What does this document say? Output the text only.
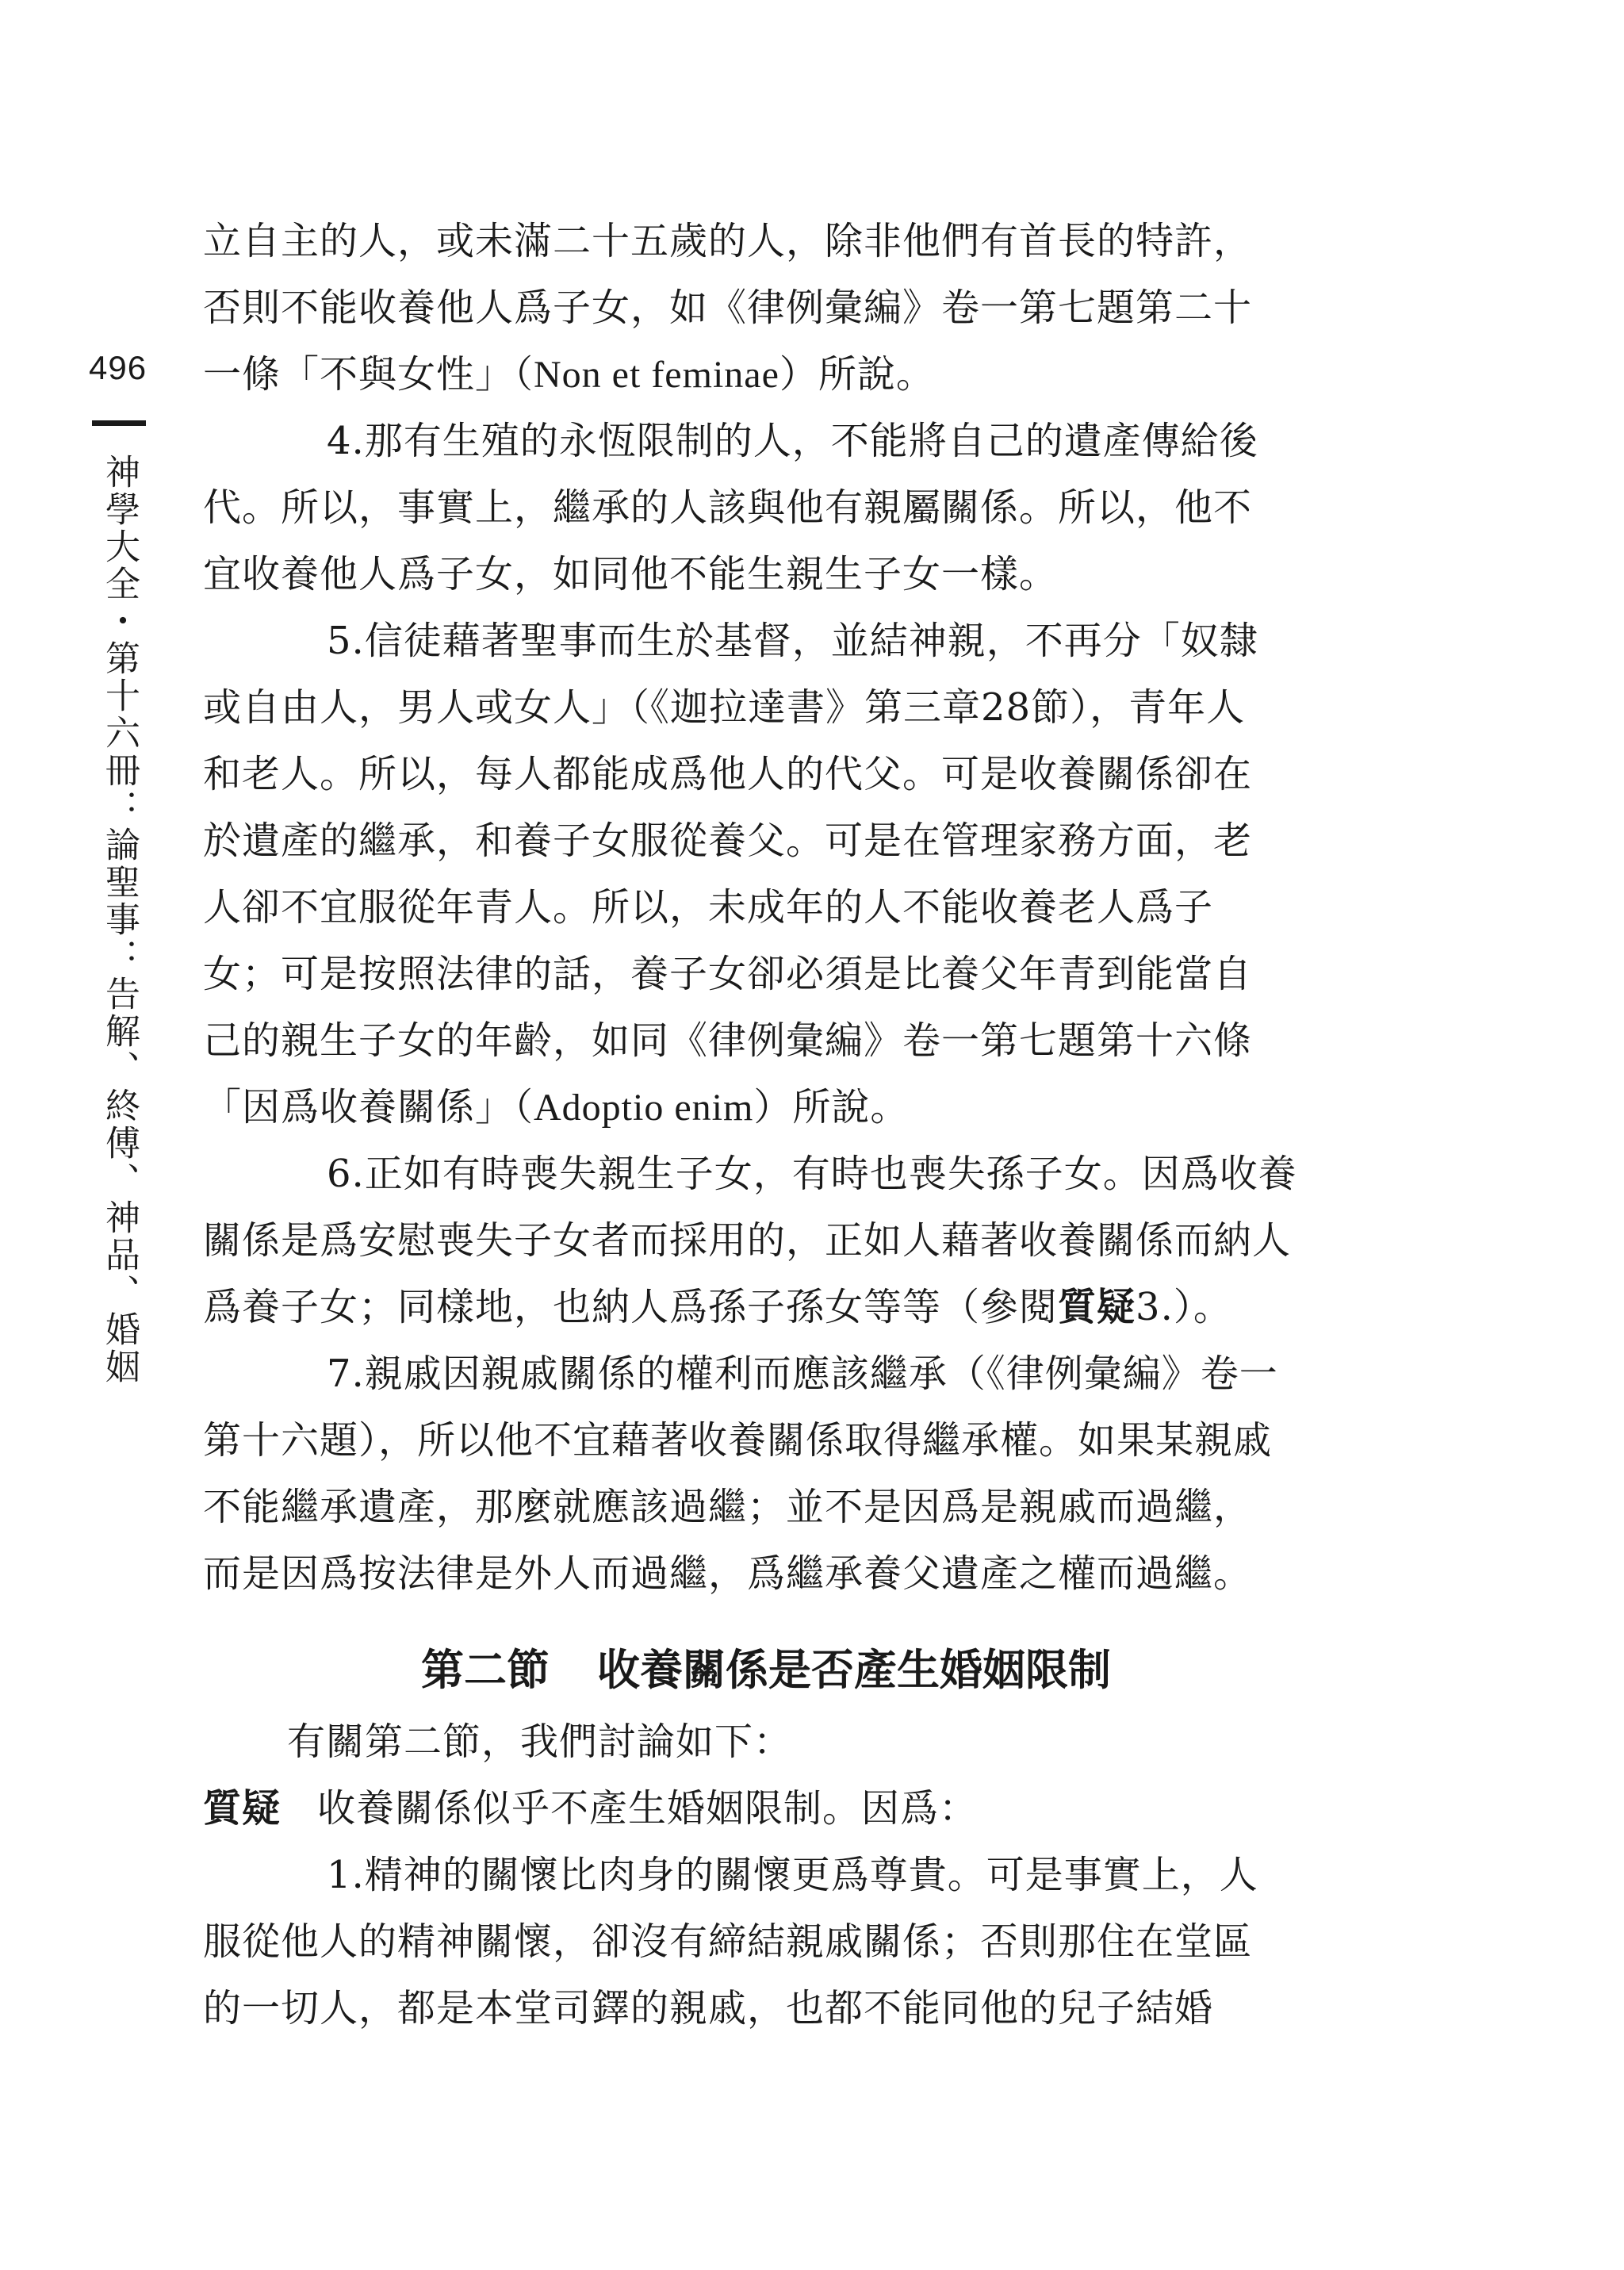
496
神學大全・第十六冊：論聖事：告解、終傅、神品、婚姻
立自主的人，或未滿二十五歲的人，除非他們有首長的特許，
否則不能收養他人爲子女，如《律例彙編》卷一第七題第二十
一條「不與女性」（Non et feminae）所說。
4.那有生殖的永恆限制的人，不能將自己的遺產傳給後
代。所以，事實上，繼承的人該與他有親屬關係。所以，他不
宜收養他人爲子女，如同他不能生親生子女一樣。
5.信徒藉著聖事而生於基督，並結神親，不再分「奴隸
或自由人，男人或女人」（《迦拉達書》第三章28節），青年人
和老人。所以，每人都能成爲他人的代父。可是收養關係卻在
於遺產的繼承，和養子女服從養父。可是在管理家務方面，老
人卻不宜服從年青人。所以，未成年的人不能收養老人爲子
女；可是按照法律的話，養子女卻必須是比養父年青到能當自
己的親生子女的年齡，如同《律例彙編》卷一第七題第十六條
「因爲收養關係」（Adoptio enim）所說。
6.正如有時喪失親生子女，有時也喪失孫子女。因爲收養
關係是爲安慰喪失子女者而採用的，正如人藉著收養關係而納人
爲養子女；同樣地，也納人爲孫子孫女等等（參閱質疑3.）。
7.親戚因親戚關係的權利而應該繼承（《律例彙編》卷一
第十六題），所以他不宜藉著收養關係取得繼承權。如果某親戚
不能繼承遺產，那麼就應該過繼；並不是因爲是親戚而過繼，
而是因爲按法律是外人而過繼，爲繼承養父遺產之權而過繼。
第二節 收養關係是否產生婚姻限制
有關第二節，我們討論如下：
質疑 收養關係似乎不產生婚姻限制。因爲：
1.精神的關懷比肉身的關懷更爲尊貴。可是事實上，人
服從他人的精神關懷，卻沒有締結親戚關係；否則那住在堂區
的一切人，都是本堂司鐸的親戚，也都不能同他的兒子結婚
